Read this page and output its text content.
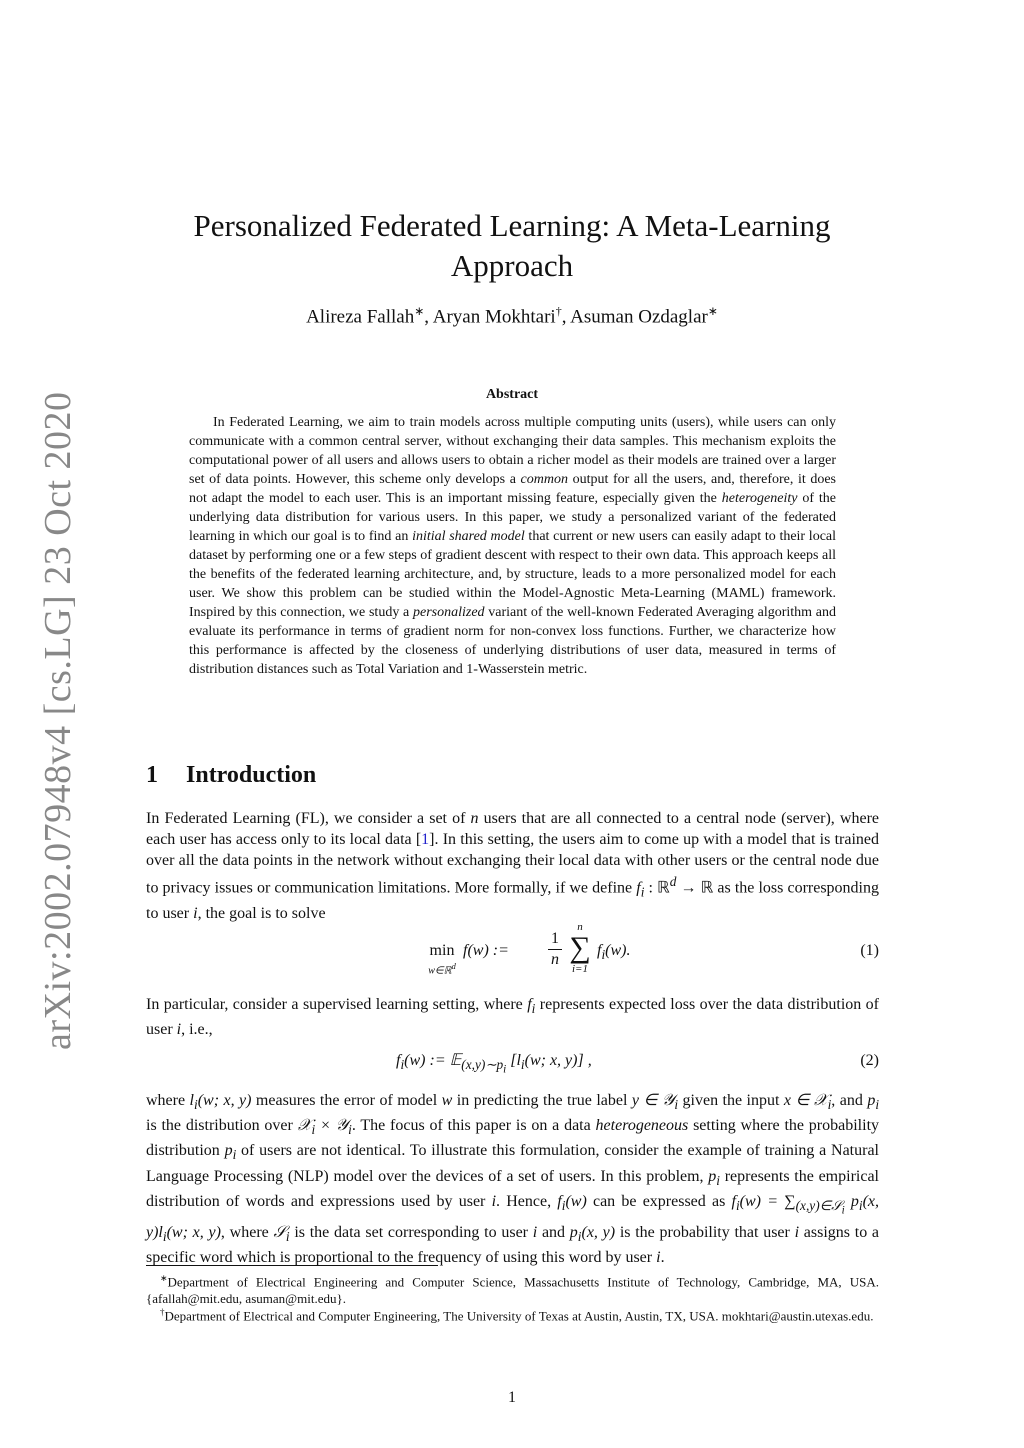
arXiv:2002.07948v4 [cs.LG] 23 Oct 2020
Personalized Federated Learning: A Meta-Learning Approach
Alireza Fallah∗, Aryan Mokhtari†, Asuman Ozdaglar∗
Abstract

In Federated Learning, we aim to train models across multiple computing units (users), while users can only communicate with a common central server, without exchanging their data samples. This mechanism exploits the computational power of all users and allows users to obtain a richer model as their models are trained over a larger set of data points. However, this scheme only develops a common output for all the users, and, therefore, it does not adapt the model to each user. This is an important missing feature, especially given the heterogeneity of the underlying data distribution for various users. In this paper, we study a personalized variant of the federated learning in which our goal is to find an initial shared model that current or new users can easily adapt to their local dataset by performing one or a few steps of gradient descent with respect to their own data. This approach keeps all the benefits of the federated learning architecture, and, by structure, leads to a more personalized model for each user. We show this problem can be studied within the Model-Agnostic Meta-Learning (MAML) framework. Inspired by this connection, we study a personalized variant of the well-known Federated Averaging algorithm and evaluate its performance in terms of gradient norm for non-convex loss functions. Further, we characterize how this performance is affected by the closeness of underlying distributions of user data, measured in terms of distribution distances such as Total Variation and 1-Wasserstein metric.

1 Introduction

In Federated Learning (FL), we consider a set of n users that are all connected to a central node (server), where each user has access only to its local data [1]. In this setting, the users aim to come up with a model that is trained over all the data points in the network without exchanging their local data with other users or the central node due to privacy issues or communication limitations. More formally, if we define $f_i$ : ℝ$^d$ → ℝ as the loss corresponding to user i, the goal is to solve

min
w∈ℝ$^d$
f(w) :=
1
n
n
∑
i=1
$f_i(w)$.	(1)

In particular, consider a supervised learning setting, where $f_i$ represents expected loss over the data distribution of user i, i.e.,

$f_i(w)$ := 𝔼$_{(x,y)\sim p_i}$ [$l_i(w$; x, y)] ,	(2)

where $l_i(w$; x, y) measures the error of model w in predicting the true label y ∈ 𝒴$_i$ given the input x ∈ 𝒳$_i$, and $p_i$ is the distribution over 𝒳$_i$ × 𝒴$_i$. The focus of this paper is on a data heterogeneous setting where the probability distribution $p_i$ of users are not identical. To illustrate this formulation, consider the example of training a Natural Language Processing (NLP) model over the devices of a set of users. In this problem, $p_i$ represents the empirical distribution of words and expressions used by user i. Hence, $f_i(w)$ can be expressed as $f_i(w) = \sum_{(x,y)\in 𝒮_i}$ $p_i(x$, $y)l_i(w$; x, y), where 𝒮$_i$ is the data set corresponding to user i and $p_i(x$, y) is the probability that user i assigns to a specific word which is proportional to the frequency of using this word by user i.

∗Department of Electrical Engineering and Computer Science, Massachusetts Institute of Technology, Cambridge, MA, USA. {afallah@mit.edu, asuman@mit.edu}.

†Department of Electrical and Computer Engineering, The University of Texas at Austin, Austin, TX, USA. mokhtari@austin.utexas.edu.

1
